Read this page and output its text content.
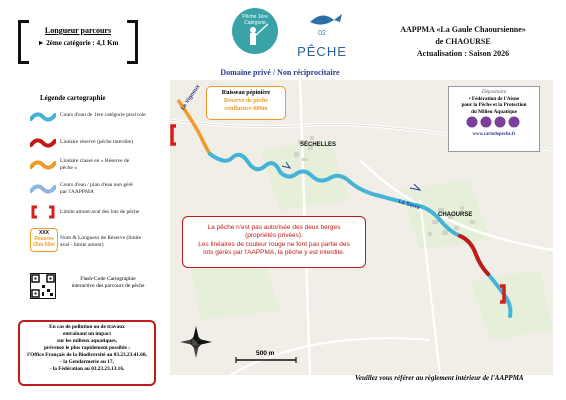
Longueur parcours
► 2ème catégorie : 4,1 Km
Pêche 1ère Catégorie
02
PÊCHE
Domaine privé / Non réciprocitaire
AAPPMA «La Gaule Chaoursienne»
de CHAOURSE
Actualisation : Saison 2026
Légende cartographie
Cours d'eau de 1ère catégorie piscicole
Linéaire réservé (pêche interdite)
Linéaire classé en « Réserve de pêche »
Cours d'eau / plan d'eau non géré par l'AAPPMA
Limite amont/aval des lots de pêche
XXX
Réserve
25m-50m
Nom & Longueur de Réserve (limite aval - limite amont)
Flash-Code Cartographie interactive des parcours de pêche
En cas de pollution ou de travaux
entraînant un impact
sur les milieux aquatiques,
prévenez le plus rapidement possible :
l'Office Français de la Biodiversité au 03.23.23.41.60,
- la Gendarmerie au 17,
- la Fédération au 03.23.23.13.16.
SÉCHELLES
CHAOURSE
Le Vigneux
La Serre
Ruisseau pépinière
Réserve de pêche
confluence-800m
La pêche n'est pas autorisée des deux berges
(propriétés privées).
Les linéaires de couleur rouge ne font pas partie des
lots gérés par l'AAPPMA, la pêche y est interdite.
Dépositaire
• Fédération de l'Aisne
pour la Pêche et la Protection
du Milieu Aquatique
www.cartedepeche.fr
500 m
Veuillez vous référer au règlement intérieur de l'AAPPMA
